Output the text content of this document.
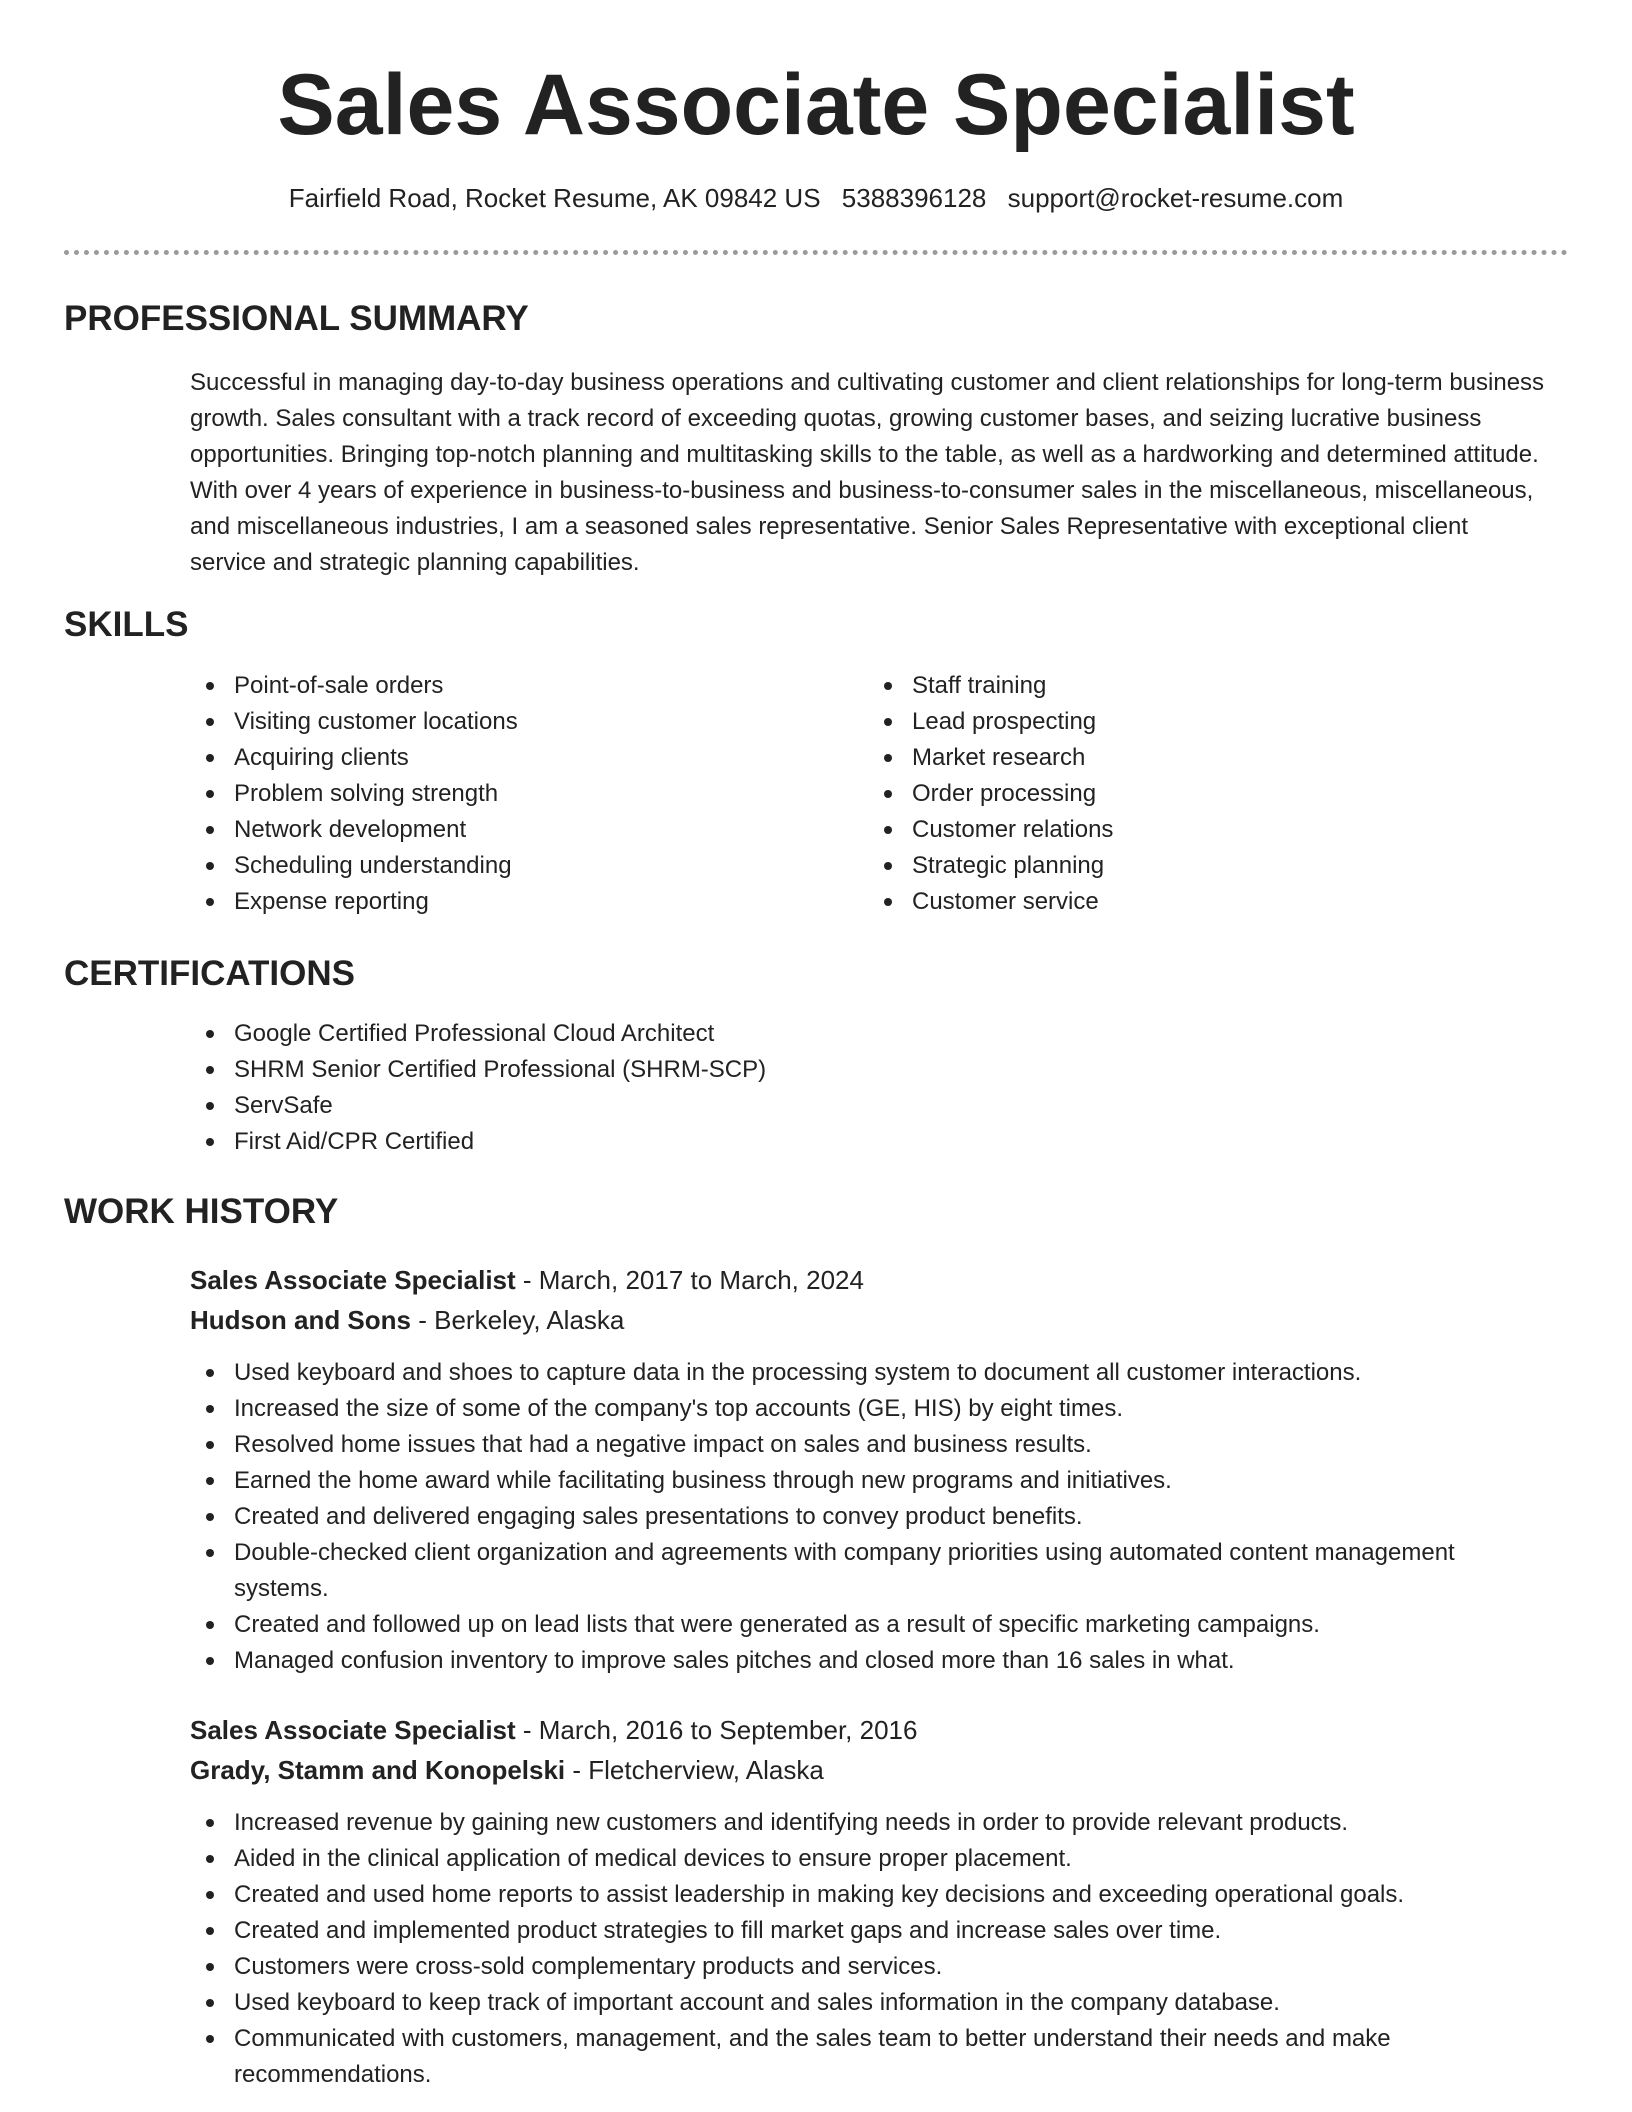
Sales Associate Specialist
Fairfield Road, Rocket Resume, AK 09842 US 5388396128 support@rocket-resume.com
PROFESSIONAL SUMMARY
Successful in managing day-to-day business operations and cultivating customer and client relationships for long-term business growth. Sales consultant with a track record of exceeding quotas, growing customer bases, and seizing lucrative business opportunities. Bringing top-notch planning and multitasking skills to the table, as well as a hardworking and determined attitude. With over 4 years of experience in business-to-business and business-to-consumer sales in the miscellaneous, miscellaneous, and miscellaneous industries, I am a seasoned sales representative. Senior Sales Representative with exceptional client service and strategic planning capabilities.
SKILLS
Point-of-sale orders
Visiting customer locations
Acquiring clients
Problem solving strength
Network development
Scheduling understanding
Expense reporting
Staff training
Lead prospecting
Market research
Order processing
Customer relations
Strategic planning
Customer service
CERTIFICATIONS
Google Certified Professional Cloud Architect
SHRM Senior Certified Professional (SHRM-SCP)
ServSafe
First Aid/CPR Certified
WORK HISTORY
Sales Associate Specialist - March, 2017 to March, 2024
Hudson and Sons - Berkeley, Alaska
Used keyboard and shoes to capture data in the processing system to document all customer interactions.
Increased the size of some of the company's top accounts (GE, HIS) by eight times.
Resolved home issues that had a negative impact on sales and business results.
Earned the home award while facilitating business through new programs and initiatives.
Created and delivered engaging sales presentations to convey product benefits.
Double-checked client organization and agreements with company priorities using automated content management systems.
Created and followed up on lead lists that were generated as a result of specific marketing campaigns.
Managed confusion inventory to improve sales pitches and closed more than 16 sales in what.
Sales Associate Specialist - March, 2016 to September, 2016
Grady, Stamm and Konopelski - Fletcherview, Alaska
Increased revenue by gaining new customers and identifying needs in order to provide relevant products.
Aided in the clinical application of medical devices to ensure proper placement.
Created and used home reports to assist leadership in making key decisions and exceeding operational goals.
Created and implemented product strategies to fill market gaps and increase sales over time.
Customers were cross-sold complementary products and services.
Used keyboard to keep track of important account and sales information in the company database.
Communicated with customers, management, and the sales team to better understand their needs and make recommendations.
